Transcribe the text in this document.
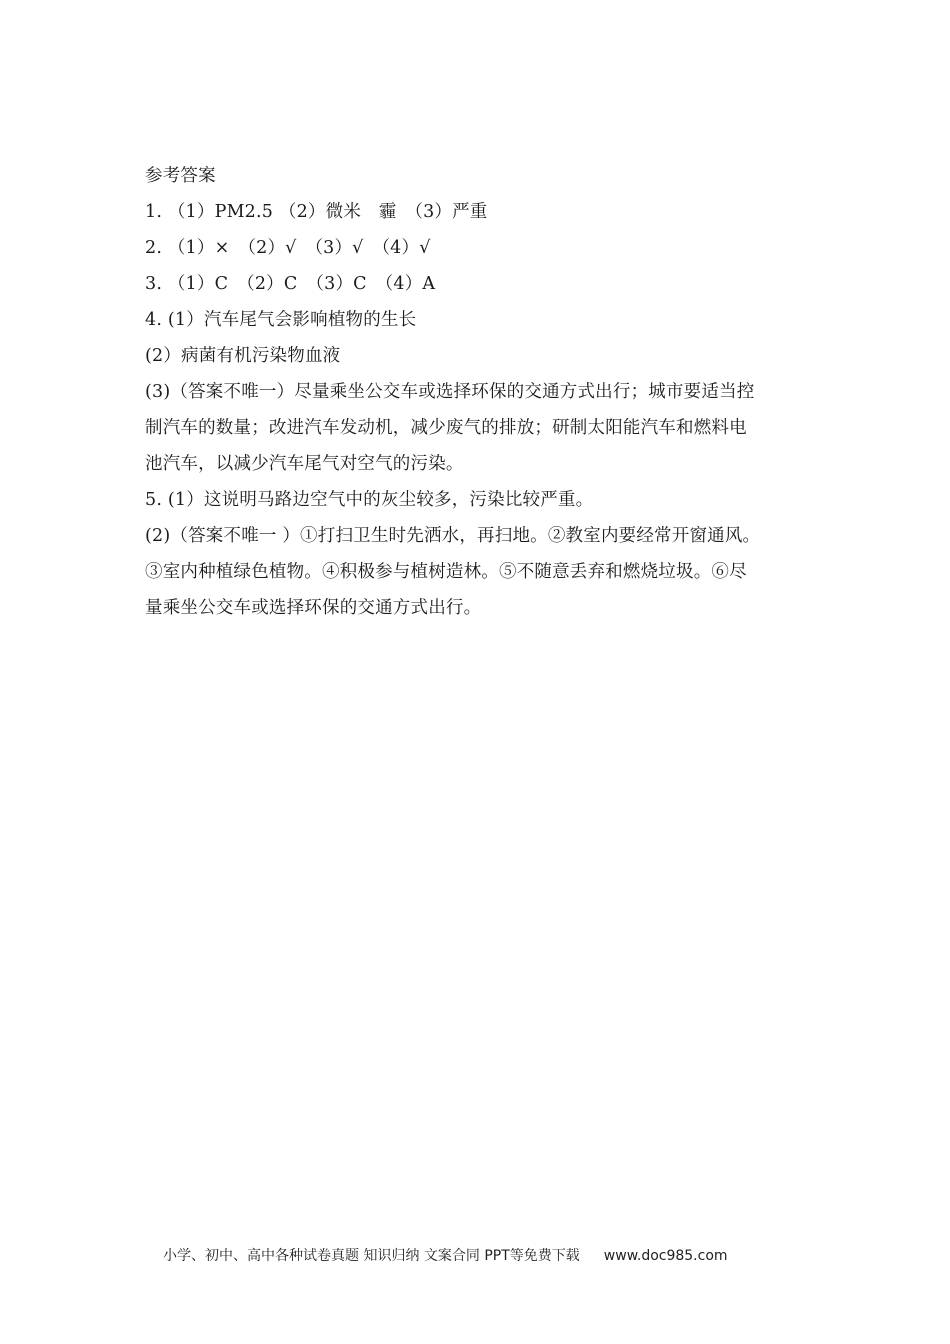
参考答案
1. （1）PM2.5 （2）微米　霾　（3）严重
2. （1）×　（2）√　（3）√　（4）√
3. （1）C　（2）C　（3）C　（4）A
4. (1）汽车尾气会影响植物的生长
(2）病菌有机污染物血液
(3)（答案不唯一）尽量乘坐公交车或选择环保的交通方式出行；城市要适当控
制汽车的数量；改进汽车发动机，减少废气的排放；研制太阳能汽车和燃料电
池汽车，以减少汽车尾气对空气的污染。
5. (1）这说明马路边空气中的灰尘较多，污染比较严重。
(2)（答案不唯一 ）①打扫卫生时先洒水，再扫地。②教室内要经常开窗通风。
③室内种植绿色植物。④积极参与植树造林。⑤不随意丢弃和燃烧垃圾。⑥尽
量乘坐公交车或选择环保的交通方式出行。
小学、初中、高中各种试卷真题 知识归纳 文案合同 PPT等免费下载 www.doc985.com
